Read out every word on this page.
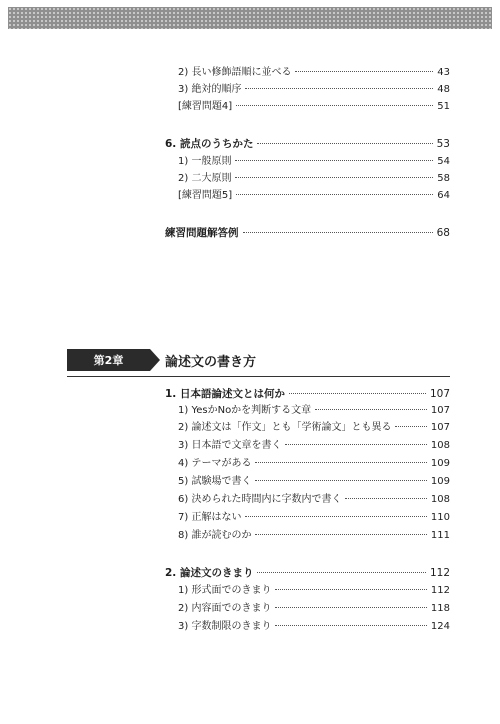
2) 長い修飾語順に並べる	43
3) 絶対的順序	48
[練習問題4]	51
6. 読点のうちかた	53
1) 一般原則	54
2) 二大原則	58
[練習問題5]	64
練習問題解答例	68
第2章	論述文の書き方
1. 日本語論述文とは何か	107
1) YesかNoかを判断する文章	107
2) 論述文は「作文」とも「学術論文」とも異る	107
3) 日本語で文章を書く	108
4) テーマがある	109
5) 試験場で書く	109
6) 決められた時間内に字数内で書く	108
7) 正解はない	110
8) 誰が読むのか	111
2. 論述文のきまり	112
1) 形式面でのきまり	112
2) 内容面でのきまり	118
3) 字数制限のきまり	124
